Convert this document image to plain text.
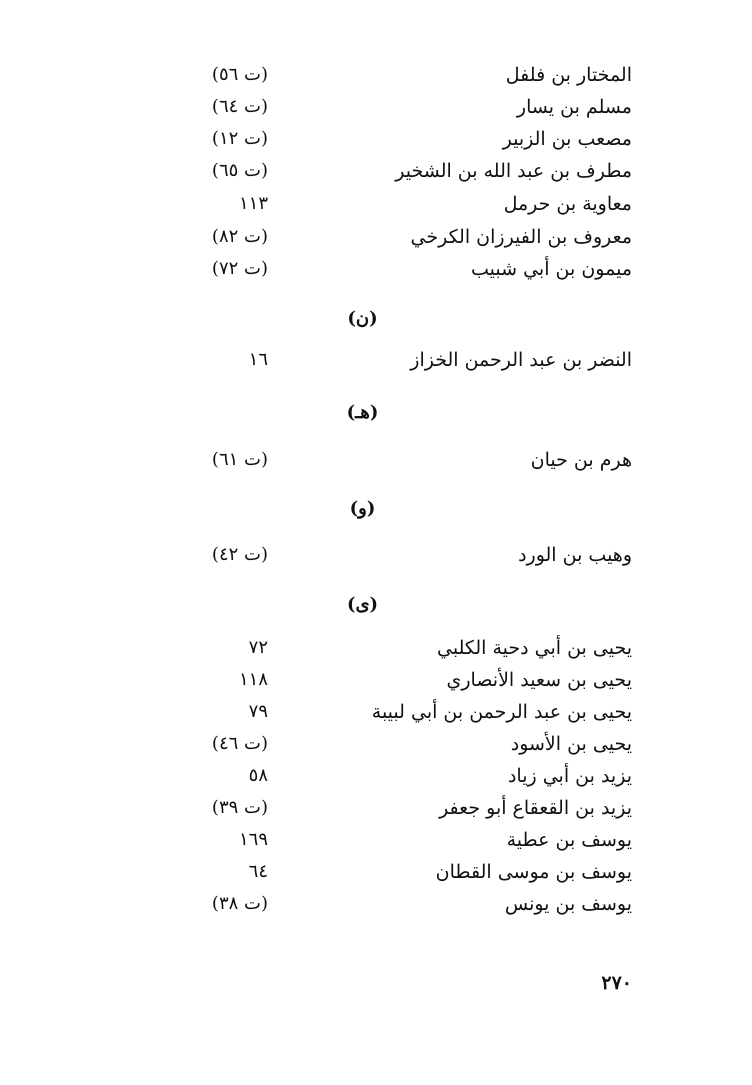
المختار بن فلفل
(ت ٥٦)
مسلم بن يسار
(ت ٦٤)
مصعب بن الزبير
(ت ١٢)
مطرف بن عبد الله بن الشخير
(ت ٦٥)
معاوية بن حرمل
١١٣
معروف بن الفيرزان الكرخي
(ت ٨٢)
ميمون بن أبي شبيب
(ت ٧٢)
(ن)
النضر بن عبد الرحمن الخزاز
١٦
(هـ)
هرم بن حيان
(ت ٦١)
(و)
وهيب بن الورد
(ت ٤٢)
(ى)
يحيى بن أبي دحية الكلبي
٧٢
يحيى بن سعيد الأنصاري
١١٨
يحيى بن عبد الرحمن بن أبي لبيبة
٧٩
يحيى بن الأسود
(ت ٤٦)
يزيد بن أبي زياد
٥٨
يزيد بن القعقاع أبو جعفر
(ت ٣٩)
يوسف بن عطية
١٦٩
يوسف بن موسى القطان
٦٤
يوسف بن يونس
(ت ٣٨)
٢٧٠
